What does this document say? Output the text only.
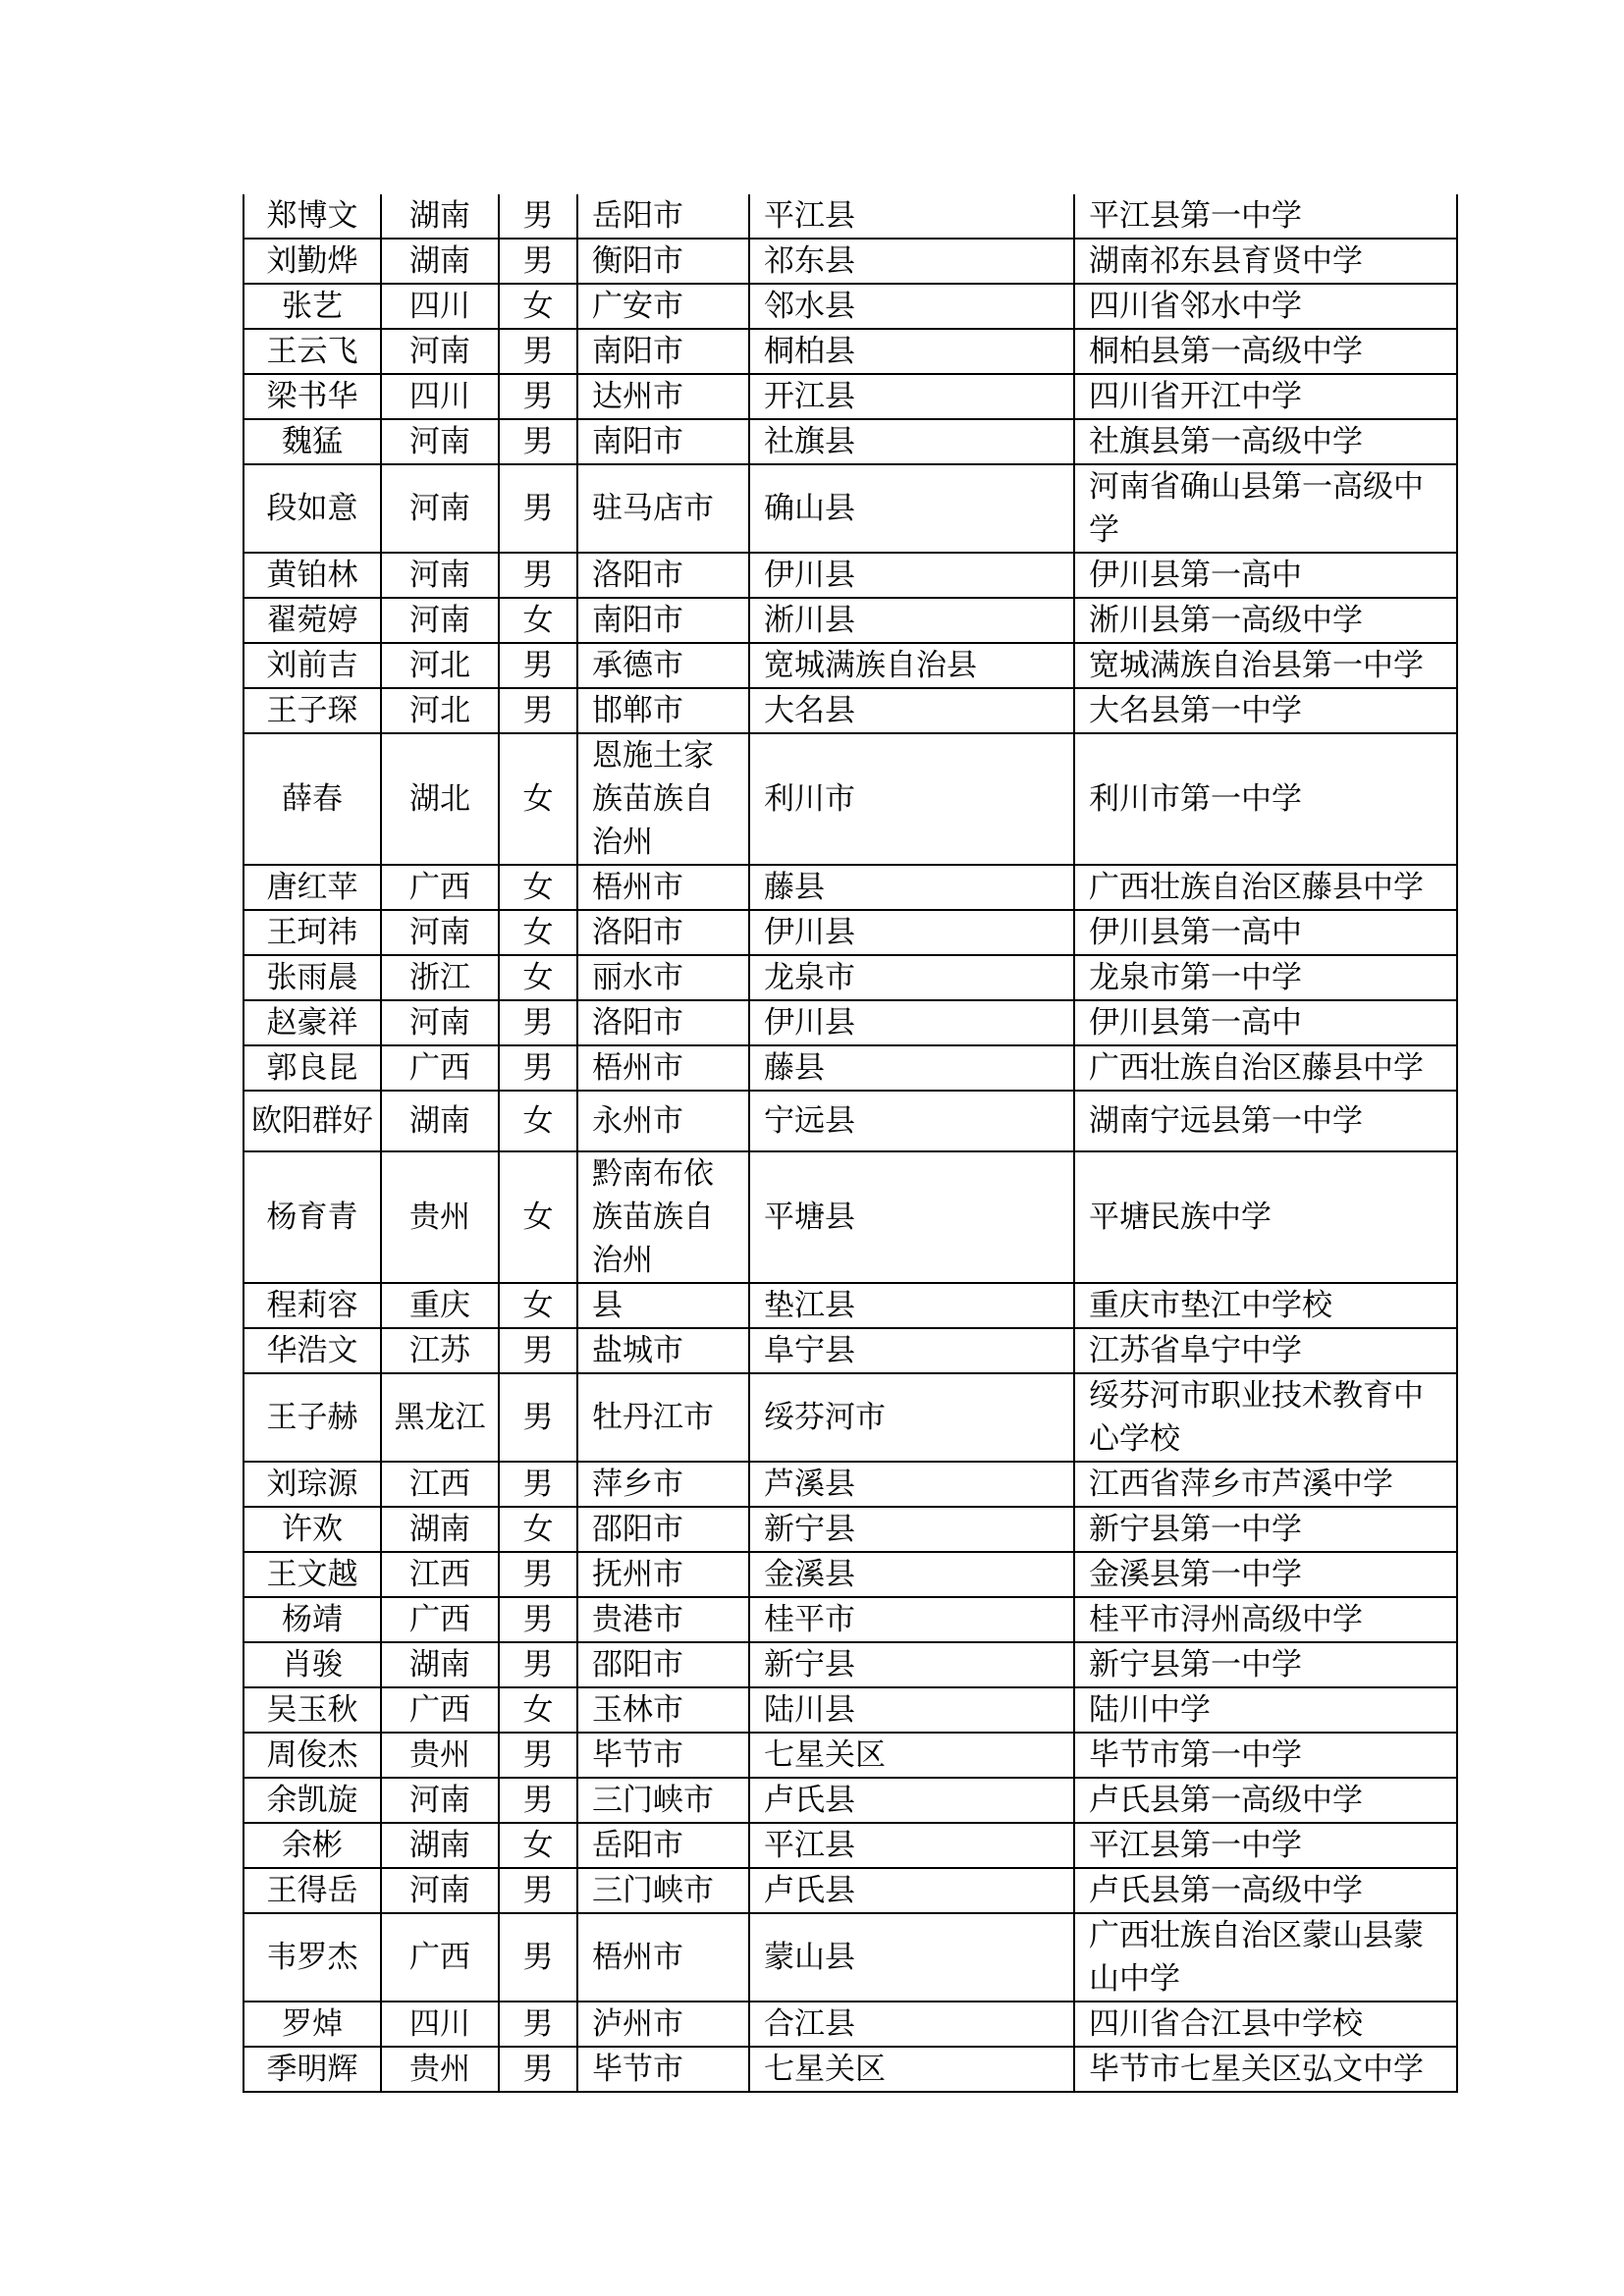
郑博文	湖南	男	岳阳市	平江县	平江县第一中学
刘勤烨	湖南	男	衡阳市	祁东县	湖南祁东县育贤中学
张艺	四川	女	广安市	邻水县	四川省邻水中学
王云飞	河南	男	南阳市	桐柏县	桐柏县第一高级中学
梁书华	四川	男	达州市	开江县	四川省开江中学
魏猛	河南	男	南阳市	社旗县	社旗县第一高级中学
段如意	河南	男	驻马店市	确山县	河南省确山县第一高级中学
黄铂林	河南	男	洛阳市	伊川县	伊川县第一高中
翟菀婷	河南	女	南阳市	淅川县	淅川县第一高级中学
刘前吉	河北	男	承德市	宽城满族自治县	宽城满族自治县第一中学
王子琛	河北	男	邯郸市	大名县	大名县第一中学
薛春	湖北	女	恩施土家族苗族自治州	利川市	利川市第一中学
唐红苹	广西	女	梧州市	藤县	广西壮族自治区藤县中学
王珂祎	河南	女	洛阳市	伊川县	伊川县第一高中
张雨晨	浙江	女	丽水市	龙泉市	龙泉市第一中学
赵豪祥	河南	男	洛阳市	伊川县	伊川县第一高中
郭良昆	广西	男	梧州市	藤县	广西壮族自治区藤县中学
欧阳群好	湖南	女	永州市	宁远县	湖南宁远县第一中学
杨育青	贵州	女	黔南布依族苗族自治州	平塘县	平塘民族中学
程莉容	重庆	女	县	垫江县	重庆市垫江中学校
华浩文	江苏	男	盐城市	阜宁县	江苏省阜宁中学
王子赫	黑龙江	男	牡丹江市	绥芬河市	绥芬河市职业技术教育中心学校
刘琮源	江西	男	萍乡市	芦溪县	江西省萍乡市芦溪中学
许欢	湖南	女	邵阳市	新宁县	新宁县第一中学
王文越	江西	男	抚州市	金溪县	金溪县第一中学
杨靖	广西	男	贵港市	桂平市	桂平市浔州高级中学
肖骏	湖南	男	邵阳市	新宁县	新宁县第一中学
吴玉秋	广西	女	玉林市	陆川县	陆川中学
周俊杰	贵州	男	毕节市	七星关区	毕节市第一中学
余凯旋	河南	男	三门峡市	卢氏县	卢氏县第一高级中学
余彬	湖南	女	岳阳市	平江县	平江县第一中学
王得岳	河南	男	三门峡市	卢氏县	卢氏县第一高级中学
韦罗杰	广西	男	梧州市	蒙山县	广西壮族自治区蒙山县蒙山中学
罗焯	四川	男	泸州市	合江县	四川省合江县中学校
季明辉	贵州	男	毕节市	七星关区	毕节市七星关区弘文中学
